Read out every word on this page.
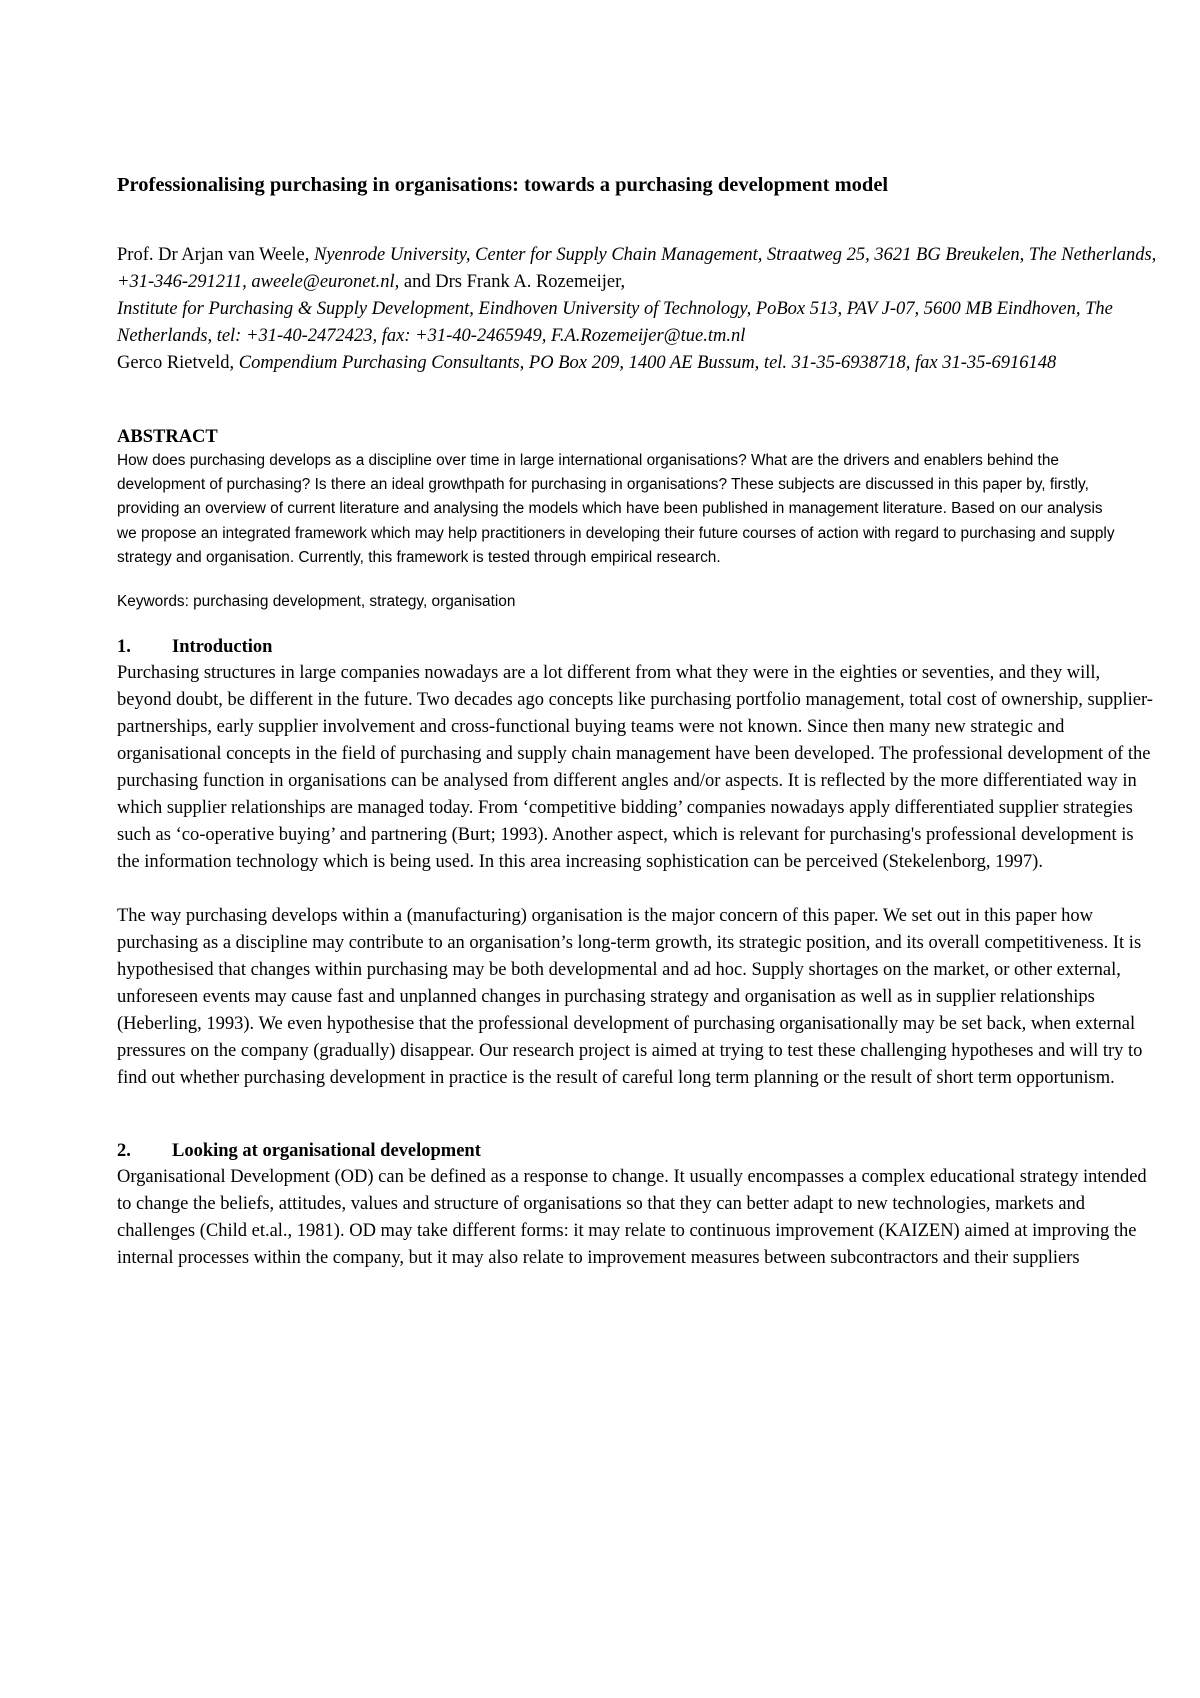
Professionalising purchasing in organisations: towards a purchasing development model
Prof. Dr Arjan van Weele, Nyenrode University, Center for Supply Chain Management, Straatweg 25, 3621 BG Breukelen, The Netherlands, +31-346-291211, aweele@euronet.nl, and Drs Frank A. Rozemeijer,
Institute for Purchasing & Supply Development, Eindhoven University of Technology, PoBox 513, PAV J-07, 5600 MB Eindhoven, The Netherlands, tel: +31-40-2472423, fax: +31-40-2465949, F.A.Rozemeijer@tue.tm.nl
Gerco Rietveld, Compendium Purchasing Consultants, PO Box 209, 1400 AE Bussum, tel. 31-35-6938718, fax 31-35-6916148
ABSTRACT

How does purchasing develops as a discipline over time in large international organisations? What are the drivers and enablers behind the development of purchasing? Is there an ideal growthpath for purchasing in organisations? These subjects are discussed in this paper by, firstly, providing an overview of current literature and analysing the models which have been published in management literature. Based on our analysis we propose an integrated framework which may help practitioners in developing their future courses of action with regard to purchasing and supply strategy and organisation. Currently, this framework is tested through empirical research.

Keywords: purchasing development, strategy, organisation
1. Introduction

Purchasing structures in large companies nowadays are a lot different from what they were in the eighties or seventies, and they will, beyond doubt, be different in the future. Two decades ago concepts like purchasing portfolio management, total cost of ownership, supplier-partnerships, early supplier involvement and cross-functional buying teams were not known. Since then many new strategic and organisational concepts in the field of purchasing and supply chain management have been developed. The professional development of the purchasing function in organisations can be analysed from different angles and/or aspects. It is reflected by the more differentiated way in which supplier relationships are managed today. From ‘competitive bidding’ companies nowadays apply differentiated supplier strategies such as ‘co-operative buying’ and partnering (Burt; 1993). Another aspect, which is relevant for purchasing's professional development is the information technology which is being used. In this area increasing sophistication can be perceived (Stekelenborg, 1997).

The way purchasing develops within a (manufacturing) organisation is the major concern of this paper. We set out in this paper how purchasing as a discipline may contribute to an organisation’s long-term growth, its strategic position, and its overall competitiveness. It is hypothesised that changes within purchasing may be both developmental and ad hoc. Supply shortages on the market, or other external, unforeseen events may cause fast and unplanned changes in purchasing strategy and organisation as well as in supplier relationships (Heberling, 1993). We even hypothesise that the professional development of purchasing organisationally may be set back, when external pressures on the company (gradually) disappear. Our research project is aimed at trying to test these challenging hypotheses and will try to find out whether purchasing development in practice is the result of careful long term planning or the result of short term opportunism.

2. Looking at organisational development

Organisational Development (OD) can be defined as a response to change. It usually encompasses a complex educational strategy intended to change the beliefs, attitudes, values and structure of organisations so that they can better adapt to new technologies, markets and challenges (Child et.al., 1981). OD may take different forms: it may relate to continuous improvement (KAIZEN) aimed at improving the internal processes within the company, but it may also relate to improvement measures between subcontractors and their suppliers
